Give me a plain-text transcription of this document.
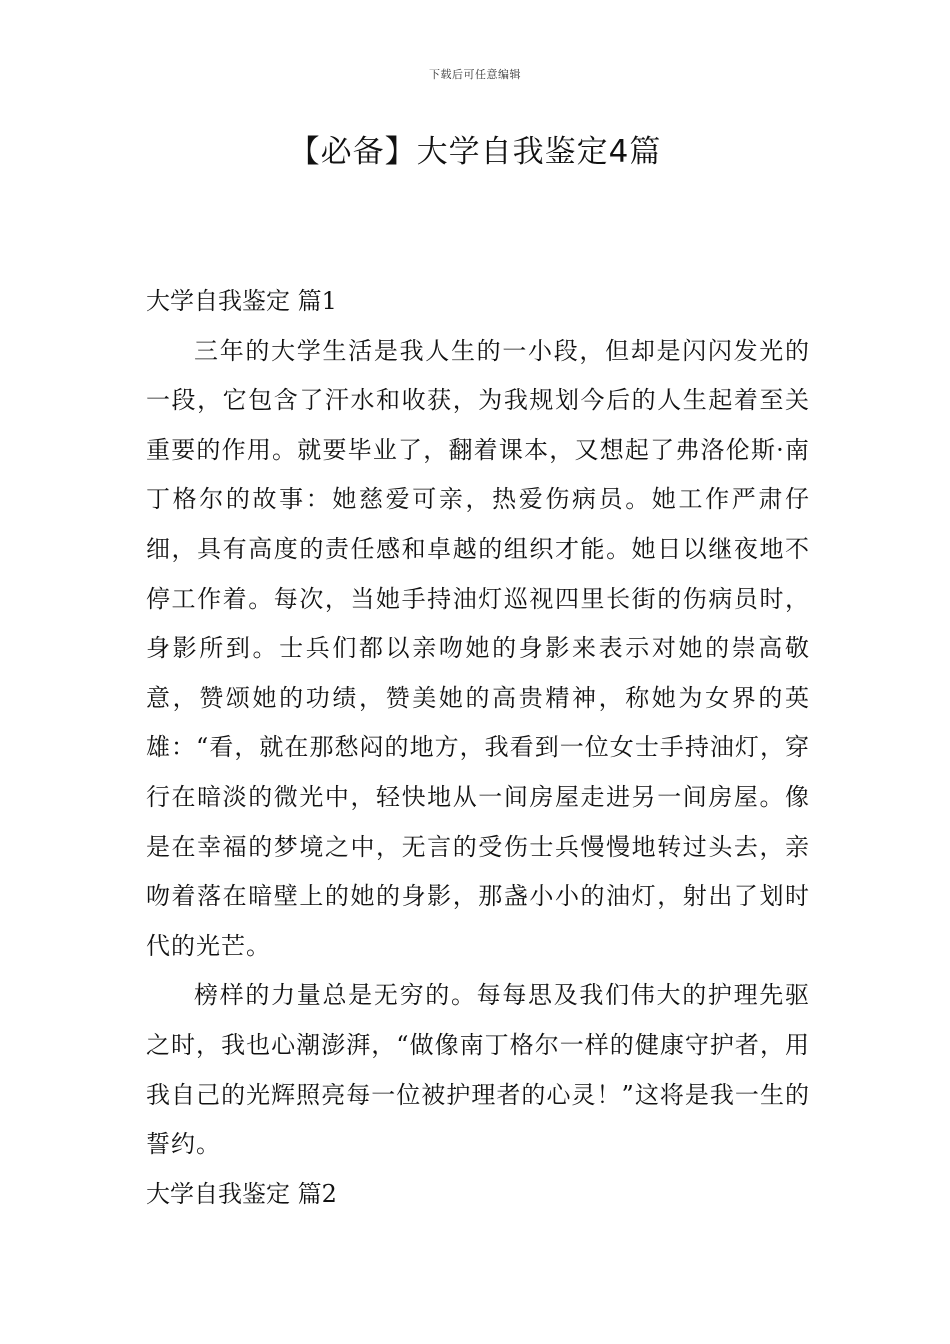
下载后可任意编辑
【必备】大学自我鉴定4篇
大学自我鉴定 篇1

三年的大学生活是我人生的一小段，但却是闪闪发光的一段，它包含了汗水和收获，为我规划今后的人生起着至关重要的作用。就要毕业了，翻着课本，又想起了弗洛伦斯·南丁格尔的故事：她慈爱可亲，热爱伤病员。她工作严肃仔细，具有高度的责任感和卓越的组织才能。她日以继夜地不停工作着。每次，当她手持油灯巡视四里长街的伤病员时，身影所到。士兵们都以亲吻她的身影来表示对她的崇高敬意，赞颂她的功绩，赞美她的高贵精神，称她为女界的英雄：“看，就在那愁闷的地方，我看到一位女士手持油灯，穿行在暗淡的微光中，轻快地从一间房屋走进另一间房屋。像是在幸福的梦境之中，无言的受伤士兵慢慢地转过头去，亲吻着落在暗壁上的她的身影，那盏小小的油灯，射出了划时代的光芒。

榜样的力量总是无穷的。每每思及我们伟大的护理先驱之时，我也心潮澎湃，“做像南丁格尔一样的健康守护者，用我自己的光辉照亮每一位被护理者的心灵！”这将是我一生的誓约。

大学自我鉴定 篇2
